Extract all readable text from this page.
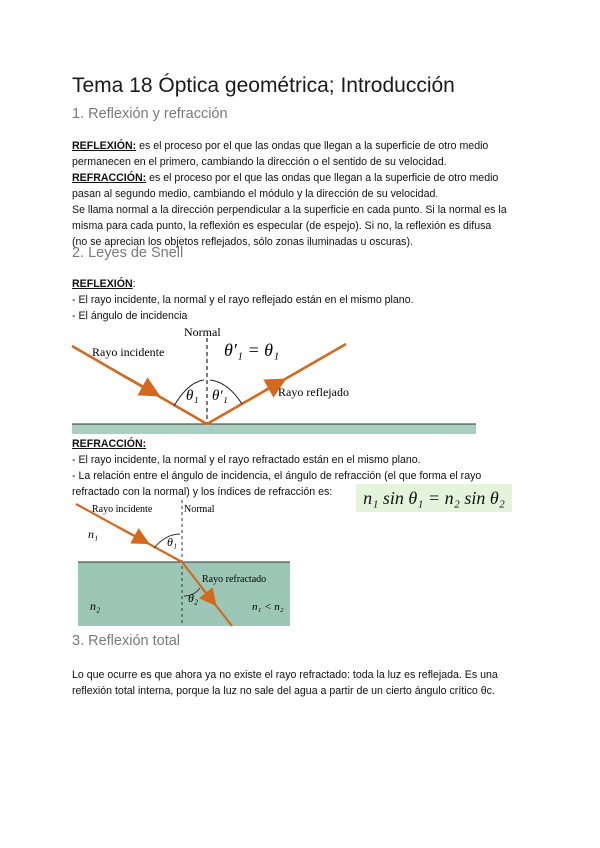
Tema 18 Óptica geométrica; Introducción
1. Reflexión y refracción
REFLEXIÓN: es el proceso por el que las ondas que llegan a la superficie de otro medio
permanecen en el primero, cambiando la dirección o el sentido de su velocidad.
REFRACCIÓN: es el proceso por el que las ondas que llegan a la superficie de otro medio
pasan al segundo medio, cambiando el módulo y la dirección de su velocidad.
Se llama normal a la dirección perpendicular a la superficie en cada punto. Si la normal es la
misma para cada punto, la reflexión es especular (de espejo). Si no, la reflexión es difusa
(no se aprecian los objetos reflejados, sólo zonas iluminadas u oscuras).
2. Leyes de Snell
REFLEXIÓN:
- El rayo incidente, la normal y el rayo reflejado están en el mismo plano.
- El ángulo de incidencia
Normal
Rayo incidente
Rayo reflejado
θ′₁ = θ₁
θ₁ θ′₁
REFRACCIÓN:
- El rayo incidente, la normal y el rayo refractado están en el mismo plano.
- La relación entre el ángulo de incidencia, el ángulo de refracción (el que forma el rayo
refractado con la normal) y los índices de refracción es:	n₁ sin θ₁ = n₂ sin θ₂
Rayo incidente	Normal
Rayo refractado
n₁
n₂
θ₁
θ₂
n₁ < n₂
3. Reflexión total
Lo que ocurre es que ahora ya no existe el rayo refractado: toda la luz es reflejada. Es una
reflexión total interna, porque la luz no sale del agua a partir de un cierto ángulo crítico θc.
